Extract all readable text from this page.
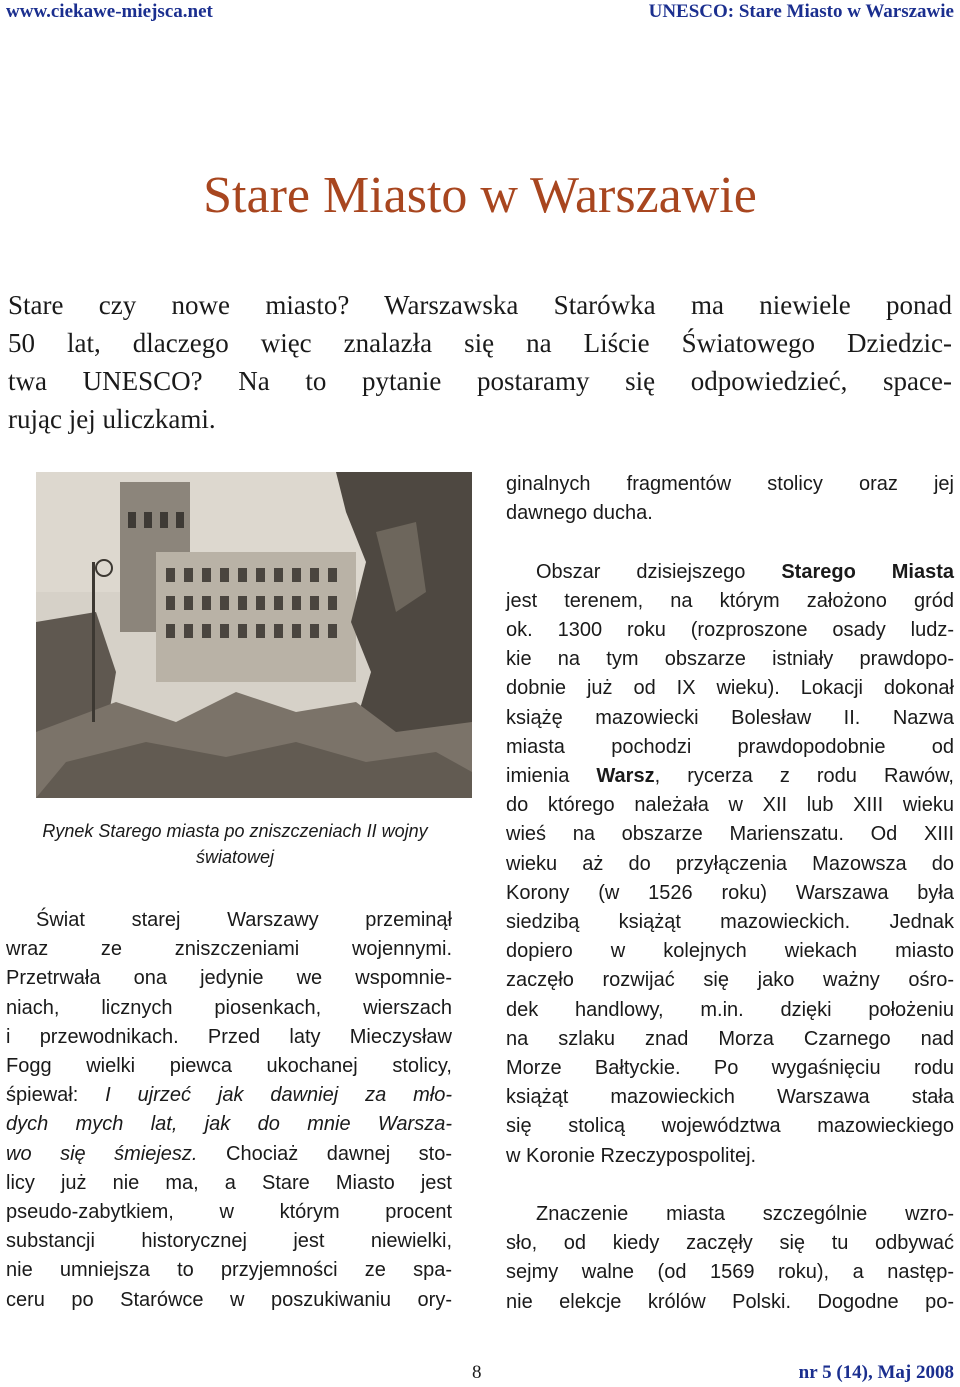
www.ciekawe-miejsca.net	UNESCO: Stare Miasto w Warszawie
Stare Miasto w Warszawie
Stare czy nowe miasto? Warszawska Starówka ma niewiele ponad
50 lat, dlaczego więc znalazła się na Liście Światowego Dziedzic-
twa UNESCO? Na to pytanie postaramy się odpowiedzieć, space-
rując jej uliczkami.
Rynek Starego miasta po zniszczeniach II wojny
światowej
Świat starej Warszawy przeminął
wraz ze zniszczeniami wojennymi.
Przetrwała ona jedynie we wspomnie-
niach, licznych piosenkach, wierszach
i przewodnikach. Przed laty Mieczysław
Fogg wielki piewca ukochanej stolicy,
śpiewał: I ujrzeć jak dawniej za mło-
dych mych lat, jak do mnie Warsza-
wo się śmiejesz. Chociaż dawnej sto-
licy już nie ma, a Stare Miasto jest
pseudo-zabytkiem, w którym procent
substancji historycznej jest niewielki,
nie umniejsza to przyjemności ze spa-
ceru po Starówce w poszukiwaniu ory-
ginalnych fragmentów stolicy oraz jej
dawnego ducha.
Obszar dzisiejszego Starego Miasta
jest terenem, na którym założono gród
ok. 1300 roku (rozproszone osady ludz-
kie na tym obszarze istniały prawdopo-
dobnie już od IX wieku). Lokacji dokonał
książę mazowiecki Bolesław II. Nazwa
miasta pochodzi prawdopodobnie od
imienia Warsz, rycerza z rodu Rawów,
do którego należała w XII lub XIII wieku
wieś na obszarze Marienszatu. Od XIII
wieku aż do przyłączenia Mazowsza do
Korony (w 1526 roku) Warszawa była
siedzibą książąt mazowieckich. Jednak
dopiero w kolejnych wiekach miasto
zaczęło rozwijać się jako ważny ośro-
dek handlowy, m.in. dzięki położeniu
na szlaku znad Morza Czarnego nad
Morze Bałtyckie. Po wygaśnięciu rodu
książąt mazowieckich Warszawa stała
się stolicą województwa mazowieckiego
w Koronie Rzeczypospolitej.
Znaczenie miasta szczególnie wzro-
sło, od kiedy zaczęły się tu odbywać
sejmy walne (od 1569 roku), a następ-
nie elekcje królów Polski. Dogodne po-
8	nr 5 (14), Maj 2008
